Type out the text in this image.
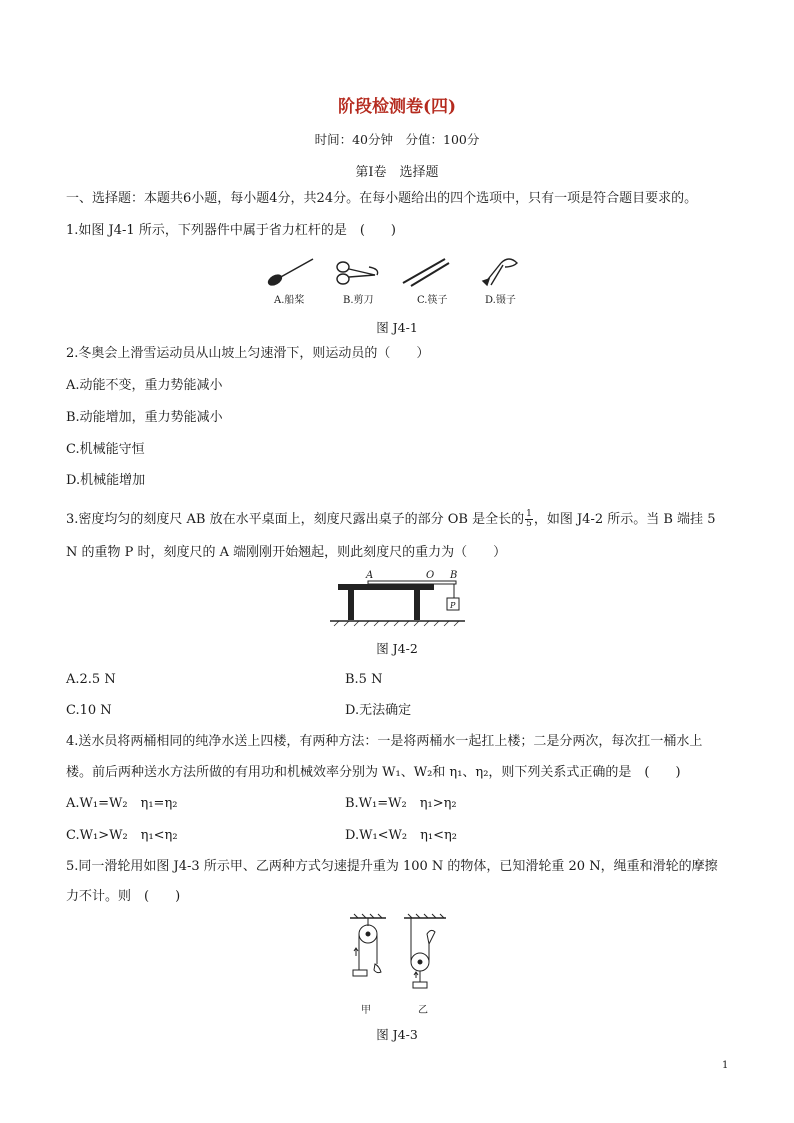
阶段检测卷(四)
时间：40分钟　分值：100分
第Ⅰ卷　选择题
一、选择题：本题共6小题，每小题4分，共24分。在每小题给出的四个选项中，只有一项是符合题目要求的。
1.如图 J4-1 所示，下列器件中属于省力杠杆的是　(　　)
A.船桨	B.剪刀	C.筷子	D.镊子
图 J4-1
2.冬奥会上滑雪运动员从山坡上匀速滑下，则运动员的（　　）
A.动能不变，重力势能减小
B.动能增加，重力势能减小
C.机械能守恒
D.机械能增加
3.密度均匀的刻度尺 AB 放在水平桌面上，刻度尺露出桌子的部分 OB 是全长的 $\frac{1}{5}$ ，如图 J4-2 所示。当 B 端挂 5
N 的重物 P 时，刻度尺的 A 端刚刚开始翘起，则此刻度尺的重力为（　　）
A	O B
P
图 J4-2
A.2.5 N	B.5 N
C.10 N	D.无法确定
4.送水员将两桶相同的纯净水送上四楼，有两种方法：一是将两桶水一起扛上楼；二是分两次，每次扛一桶水上
楼。前后两种送水方法所做的有用功和机械效率分别为 W₁、W₂和 η₁、η₂，则下列关系式正确的是　(　　)
A.W₁=W₂　η₁=η₂	B.W₁=W₂　η₁>η₂
C.W₁>W₂　η₁<η₂	D.W₁<W₂　η₁<η₂
5.同一滑轮用如图 J4-3 所示甲、乙两种方式匀速提升重为 100 N 的物体，已知滑轮重 20 N，绳重和滑轮的摩擦
力不计。则　(　　)
甲	乙
图 J4-3
1
